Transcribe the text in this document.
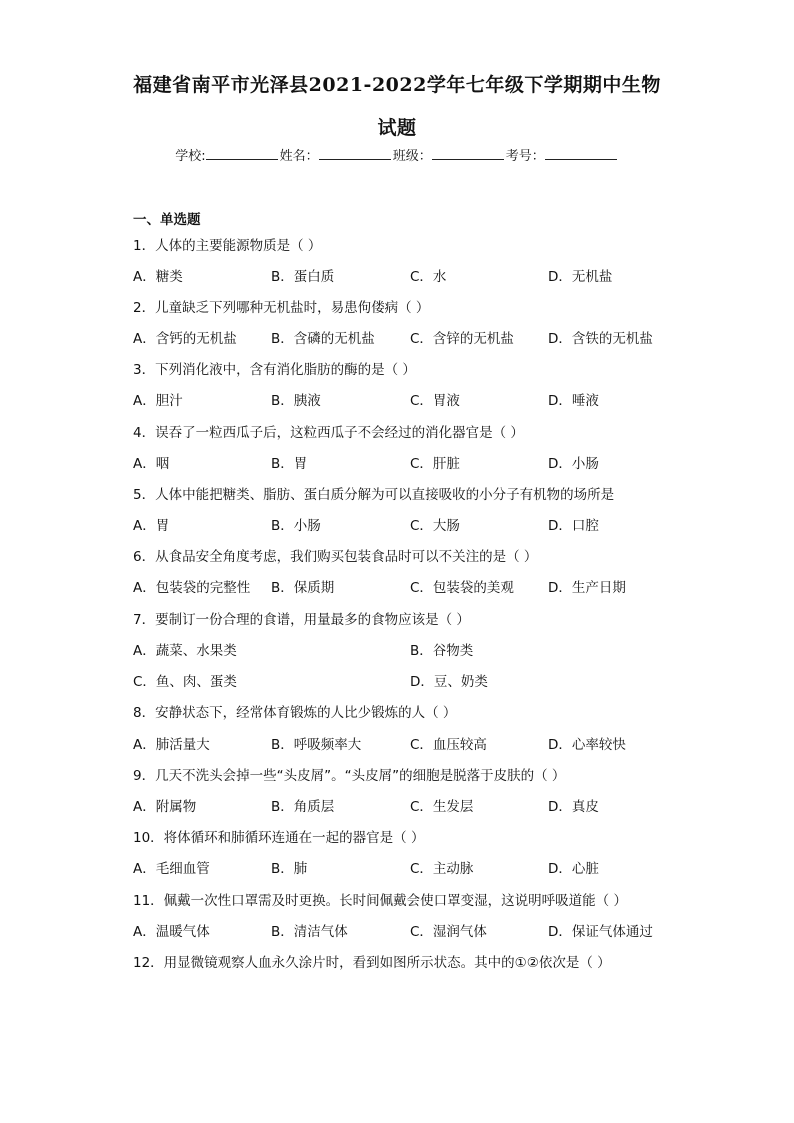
福建省南平市光泽县2021-2022学年七年级下学期期中生物
试题
学校:	姓名：	班级：	考号：
一、单选题
1．人体的主要能源物质是（ ）
A．糖类	B．蛋白质	C．水	D．无机盐
2．儿童缺乏下列哪种无机盐时，易患佝偻病（ ）
A．含钙的无机盐	B．含磷的无机盐	C．含锌的无机盐	D．含铁的无机盐
3．下列消化液中，含有消化脂肪的酶的是（ ）
A．胆汁	B．胰液	C．胃液	D．唾液
4．误吞了一粒西瓜子后，这粒西瓜子不会经过的消化器官是（ ）
A．咽	B．胃	C．肝脏	D．小肠
5．人体中能把糖类、脂肪、蛋白质分解为可以直接吸收的小分子有机物的场所是
A．胃	B．小肠	C．大肠	D．口腔
6．从食品安全角度考虑，我们购买包装食品时可以不关注的是（ ）
A．包装袋的完整性 B．保质期	C．包装袋的美观	D．生产日期
7．要制订一份合理的食谱，用量最多的食物应该是（ ）
A．蔬菜、水果类	B．谷物类
C．鱼、肉、蛋类	D．豆、奶类
8．安静状态下，经常体育锻炼的人比少锻炼的人（ ）
A．肺活量大	B．呼吸频率大	C．血压较高	D．心率较快
9．几天不洗头会掉一些“头皮屑”。“头皮屑”的细胞是脱落于皮肤的（ ）
A．附属物	B．角质层	C．生发层	D．真皮
10．将体循环和肺循环连通在一起的器官是（ ）
A．毛细血管	B．肺	C．主动脉	D．心脏
11．佩戴一次性口罩需及时更换。长时间佩戴会使口罩变湿，这说明呼吸道能（ ）
A．温暖气体	B．清洁气体	C．湿润气体	D．保证气体通过
12．用显微镜观察人血永久涂片时，看到如图所示状态。其中的①②依次是（ ）
